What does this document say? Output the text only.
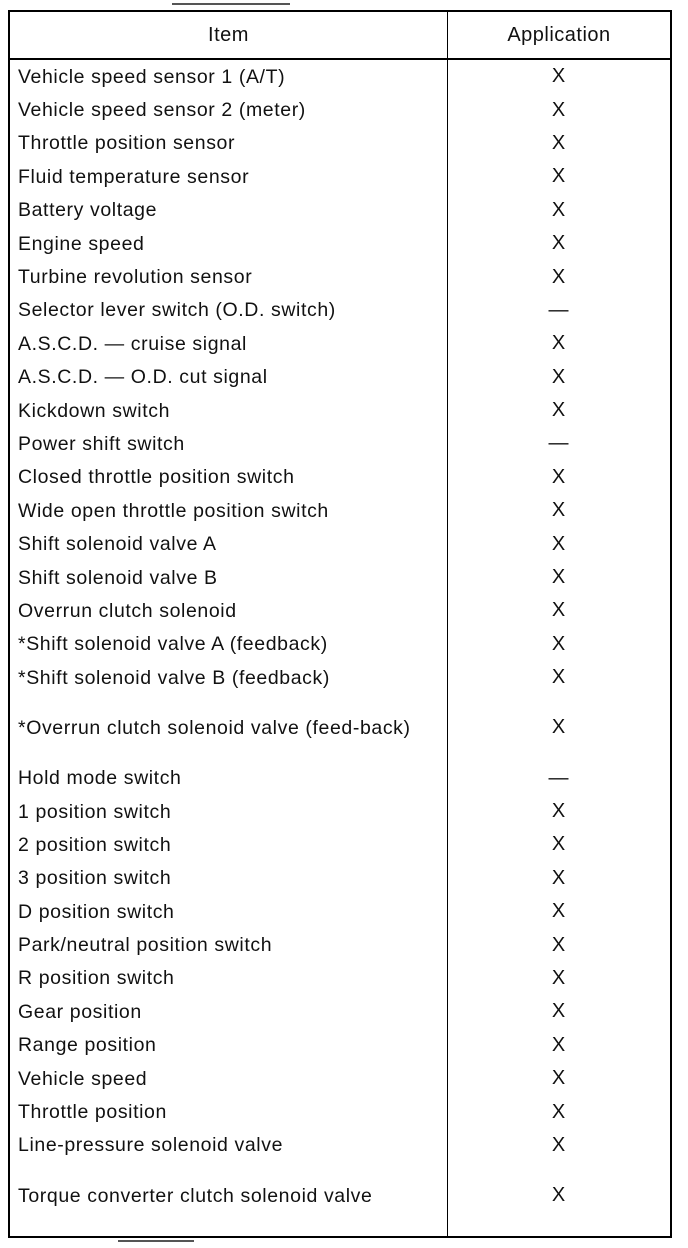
Item	Application
Vehicle speed sensor 1 (A/T)	X
Vehicle speed sensor 2 (meter)	X
Throttle position sensor	X
Fluid temperature sensor	X
Battery voltage	X
Engine speed	X
Turbine revolution sensor	X
Selector lever switch (O.D. switch)	—
A.S.C.D. — cruise signal	X
A.S.C.D. — O.D. cut signal	X
Kickdown switch	X
Power shift switch	—
Closed throttle position switch	X
Wide open throttle position switch	X
Shift solenoid valve A	X
Shift solenoid valve B	X
Overrun clutch solenoid	X
*Shift solenoid valve A (feedback)	X
*Shift solenoid valve B (feedback)	X
*Overrun clutch solenoid valve (feed-back)	X
Hold mode switch	—
1 position switch	X
2 position switch	X
3 position switch	X
D position switch	X
Park/neutral position switch	X
R position switch	X
Gear position	X
Range position	X
Vehicle speed	X
Throttle position	X
Line-pressure solenoid valve	X
Torque converter clutch solenoid valve	X
